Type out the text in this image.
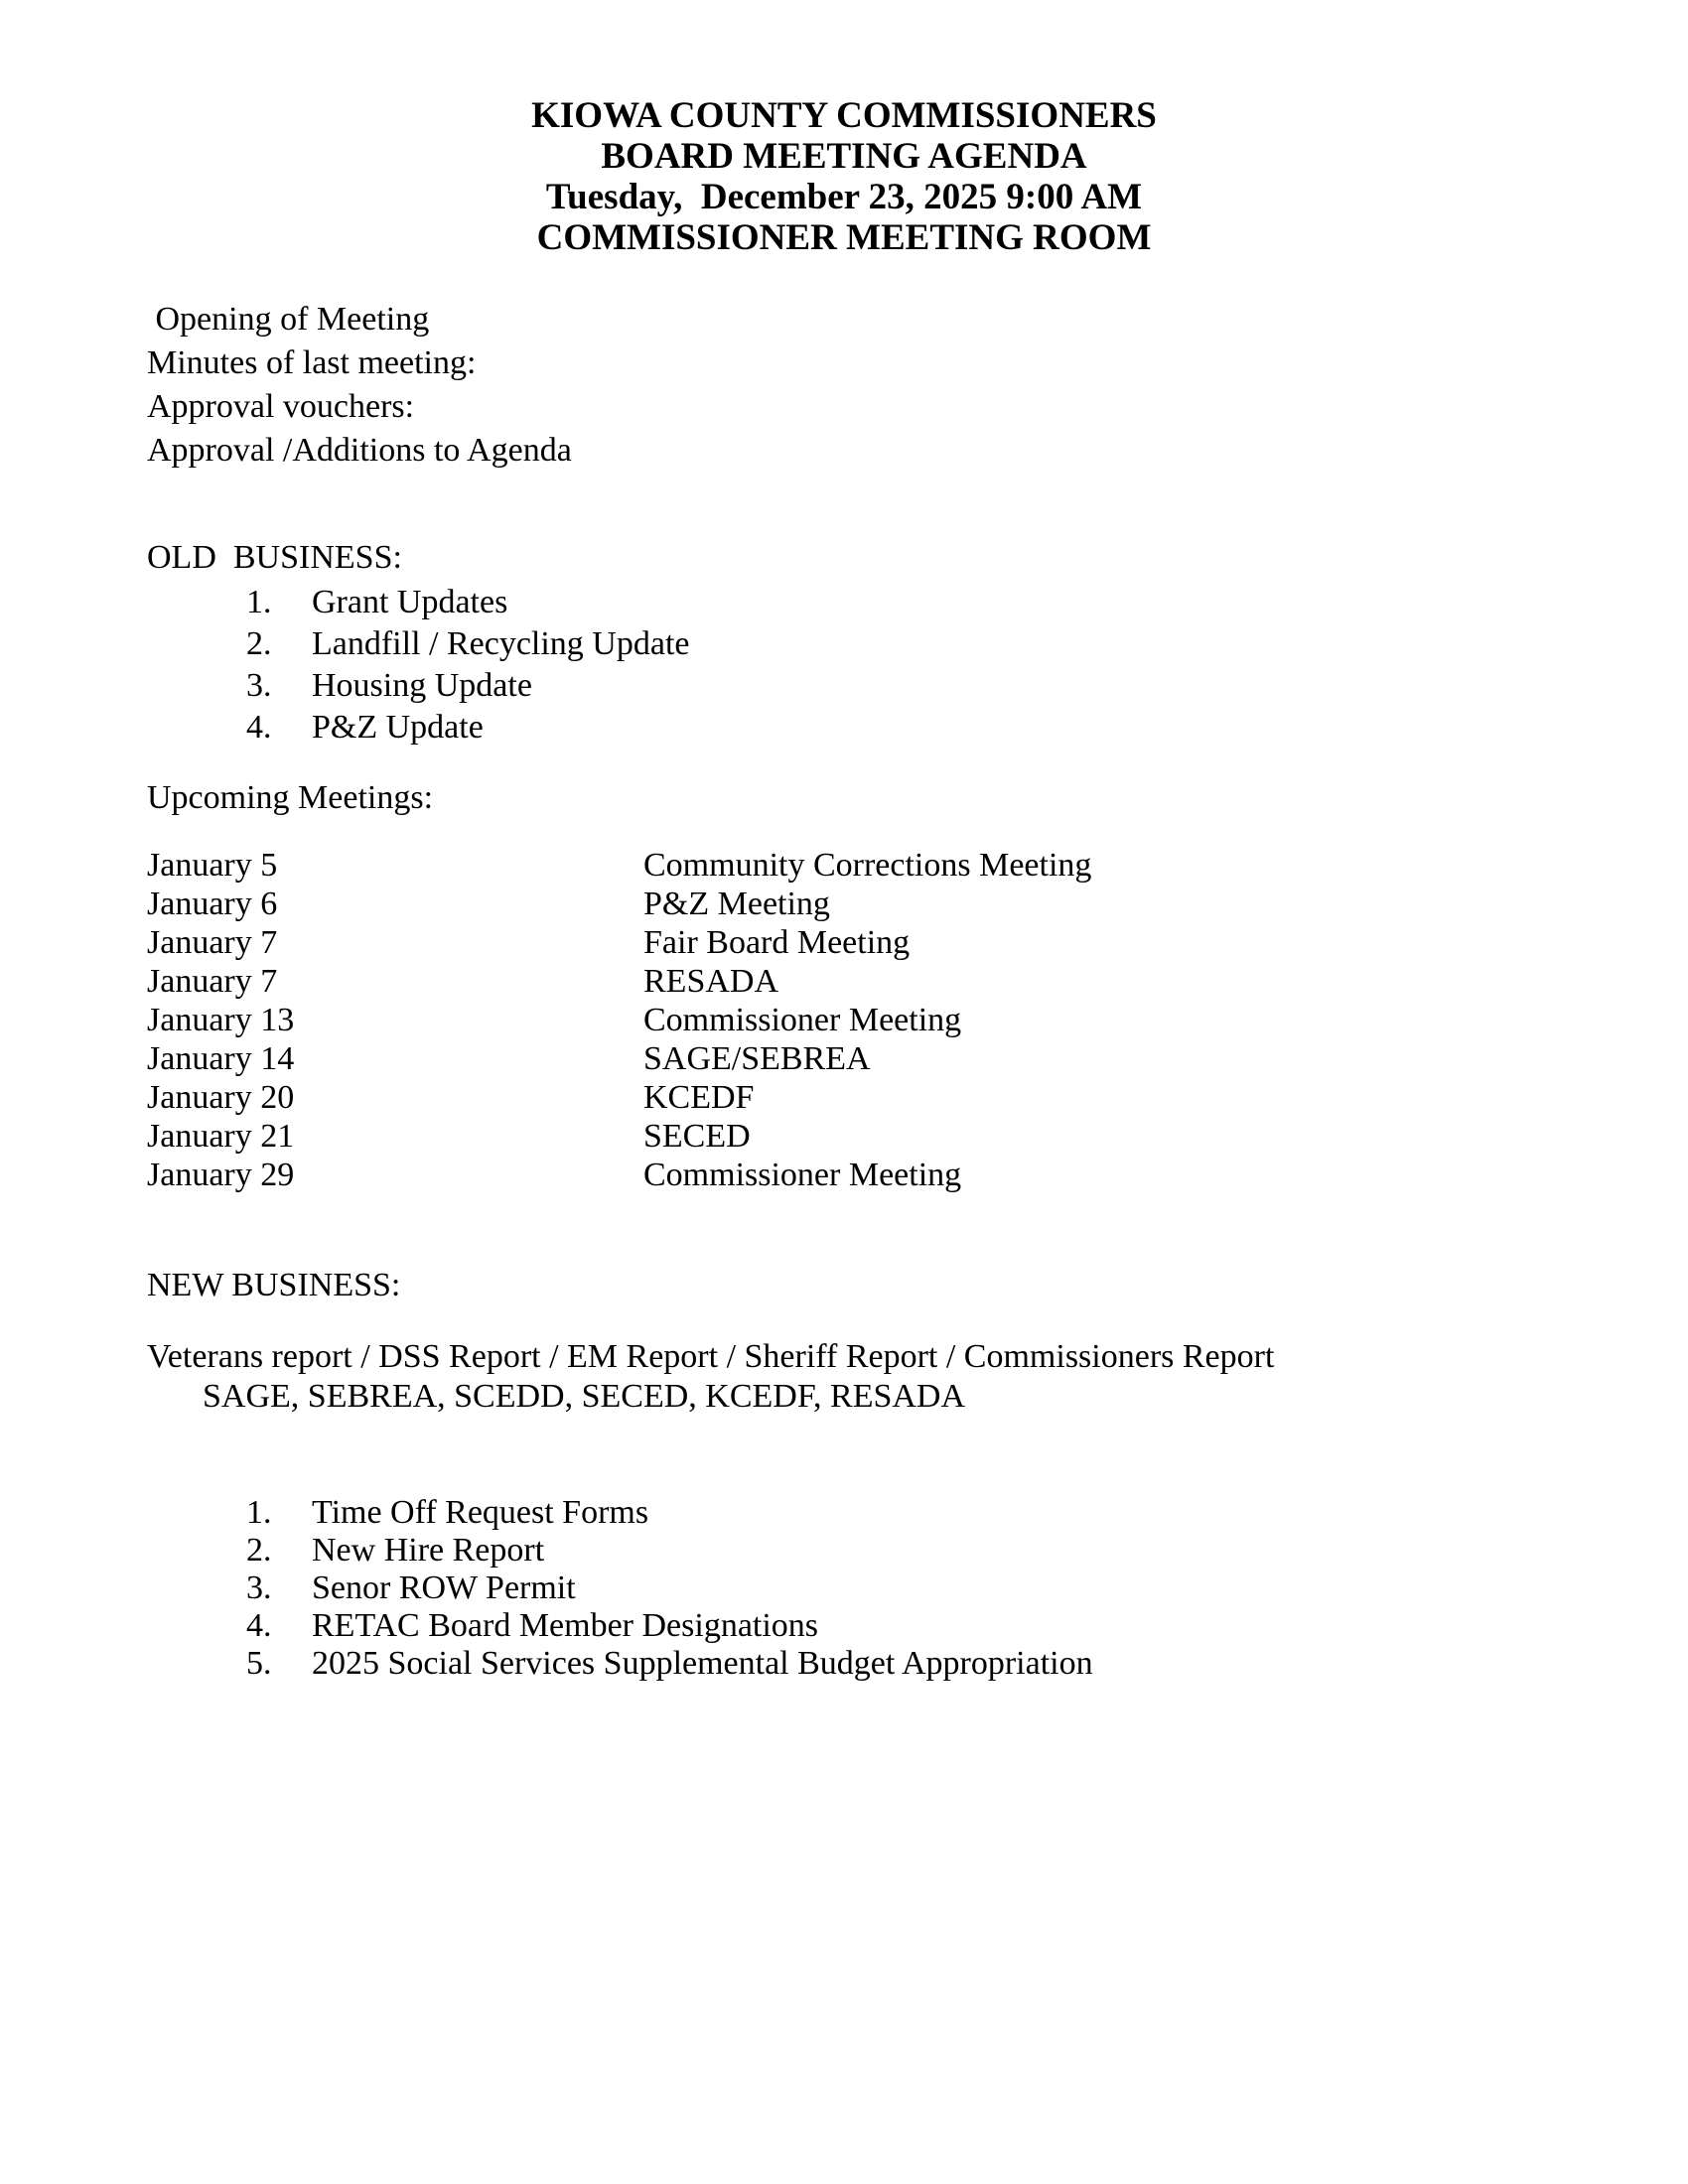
KIOWA COUNTY COMMISSIONERS
BOARD MEETING AGENDA
Tuesday,  December 23, 2025 9:00 AM
COMMISSIONER MEETING ROOM
Opening of Meeting
Minutes of last meeting:
Approval vouchers:
Approval /Additions to Agenda
OLD  BUSINESS:
1.	Grant Updates
2.	Landfill / Recycling Update
3.	Housing Update
4.	P&Z Update
Upcoming Meetings:
January 5	Community Corrections Meeting
January 6	P&Z Meeting
January 7	Fair Board Meeting
January 7	RESADA
January 13	Commissioner Meeting
January 14	SAGE/SEBREA
January 20	KCEDF
January 21	SECED
January 29	Commissioner Meeting
NEW BUSINESS:
Veterans report / DSS Report / EM Report / Sheriff Report / Commissioners Report
SAGE, SEBREA, SCEDD, SECED, KCEDF, RESADA
1.	Time Off Request Forms
2.	New Hire Report
3.	Senor ROW Permit
4.	RETAC Board Member Designations
5.	2025 Social Services Supplemental Budget Appropriation
